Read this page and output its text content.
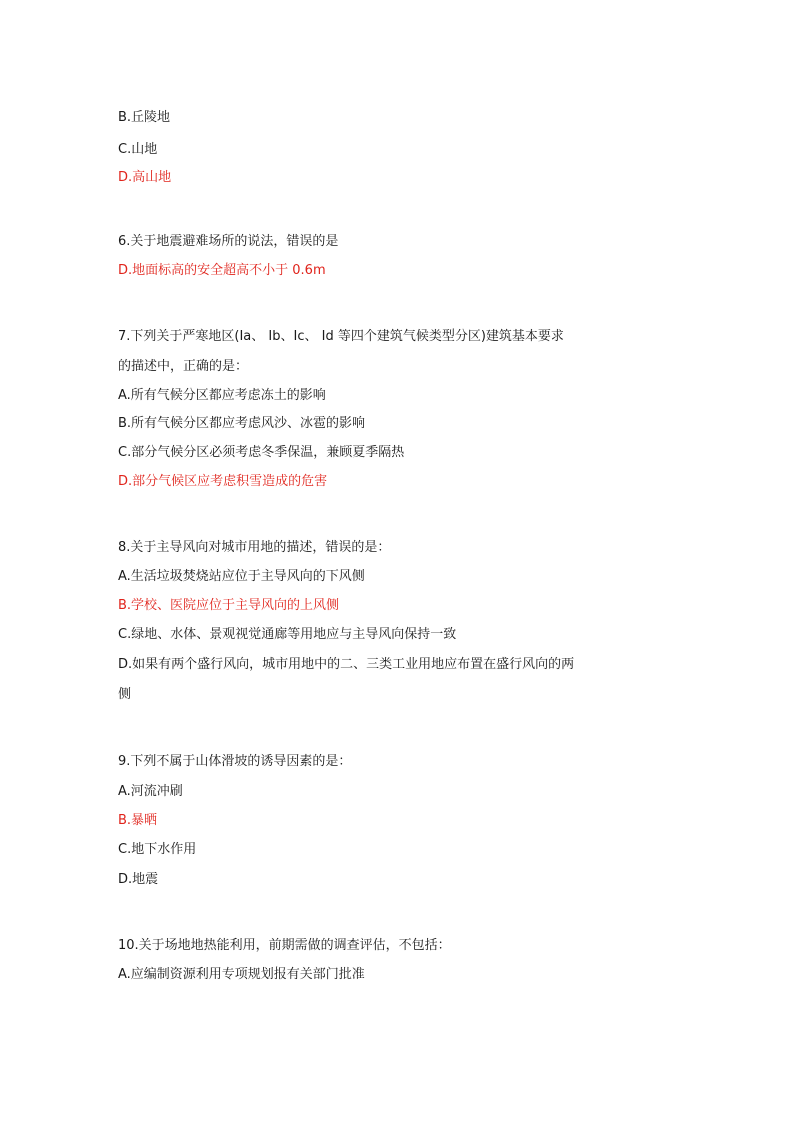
B.丘陵地
C.山地
D.高山地
6.关于地震避难场所的说法，错误的是
D.地面标高的安全超高不小于 0.6m
7.下列关于严寒地区(Ⅰa、 Ⅰb、Ⅰc、 Ⅰd 等四个建筑气候类型分区)建筑基本要求
的描述中，正确的是：
A.所有气候分区都应考虑冻土的影响
B.所有气候分区都应考虑风沙、冰雹的影响
C.部分气候分区必须考虑冬季保温，兼顾夏季隔热
D.部分气候区应考虑积雪造成的危害
8.关于主导风向对城市用地的描述，错误的是：
A.生活垃圾焚烧站应位于主导风向的下风侧
B.学校、医院应位于主导风向的上风侧
C.绿地、水体、景观视觉通廊等用地应与主导风向保持一致
D.如果有两个盛行风向，城市用地中的二、三类工业用地应布置在盛行风向的两
侧
9.下列不属于山体滑坡的诱导因素的是：
A.河流冲刷
B.暴晒
C.地下水作用
D.地震
10.关于场地地热能利用，前期需做的调查评估，不包括：
A.应编制资源利用专项规划报有关部门批准
